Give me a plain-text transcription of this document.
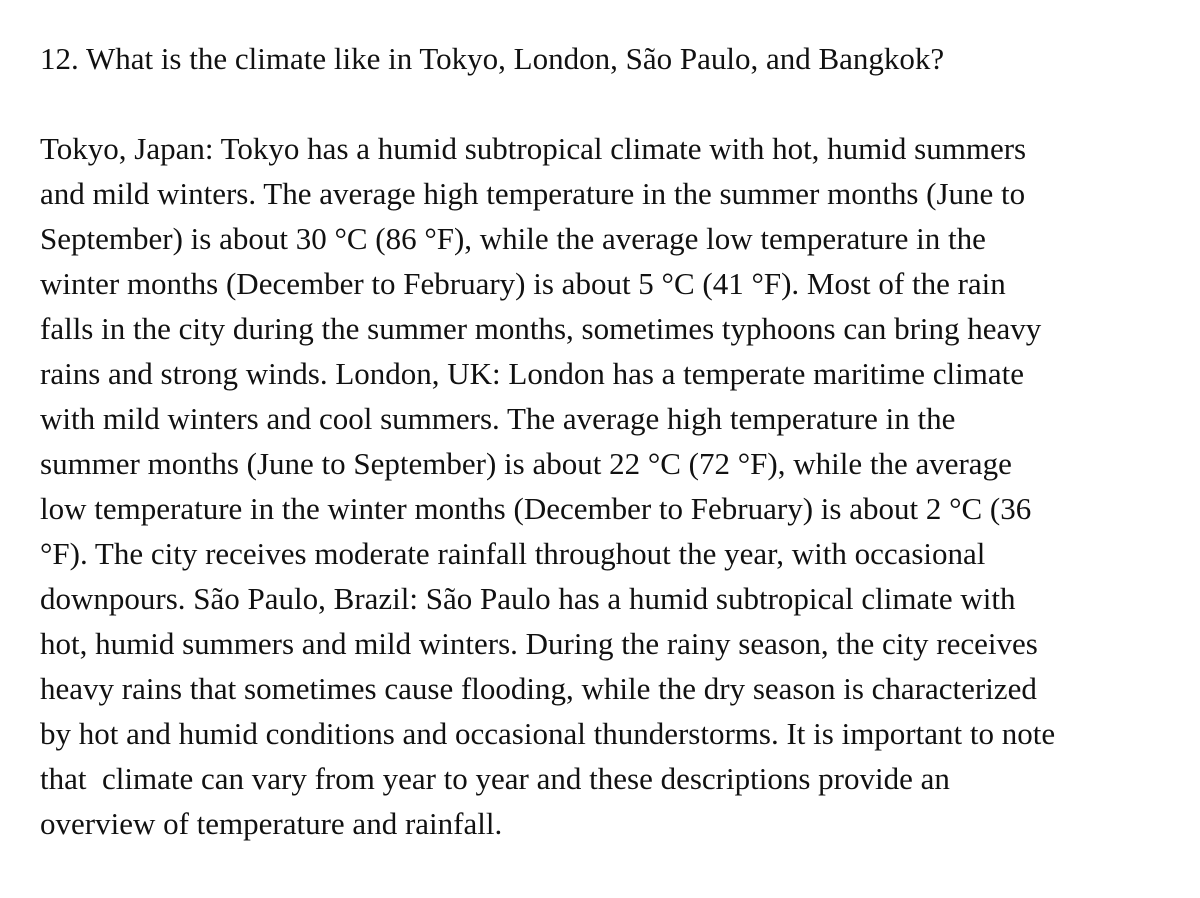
12. What is the climate like in Tokyo, London, São Paulo, and Bangkok?

Tokyo, Japan: Tokyo has a humid subtropical climate with hot, humid summers
and mild winters. The average high temperature in the summer months (June to
September) is about 30 °C (86 °F), while the average low temperature in the
winter months (December to February) is about 5 °C (41 °F). Most of the rain
falls in the city during the summer months, sometimes typhoons can bring heavy
rains and strong winds. London, UK: London has a temperate maritime climate
with mild winters and cool summers. The average high temperature in the
summer months (June to September) is about 22 °C (72 °F), while the average
low temperature in the winter months (December to February) is about 2 °C (36
°F). The city receives moderate rainfall throughout the year, with occasional
downpours. São Paulo, Brazil: São Paulo has a humid subtropical climate with
hot, humid summers and mild winters. During the rainy season, the city receives
heavy rains that sometimes cause flooding, while the dry season is characterized
by hot and humid conditions and occasional thunderstorms. It is important to note
that  climate can vary from year to year and these descriptions provide an
overview of temperature and rainfall.
